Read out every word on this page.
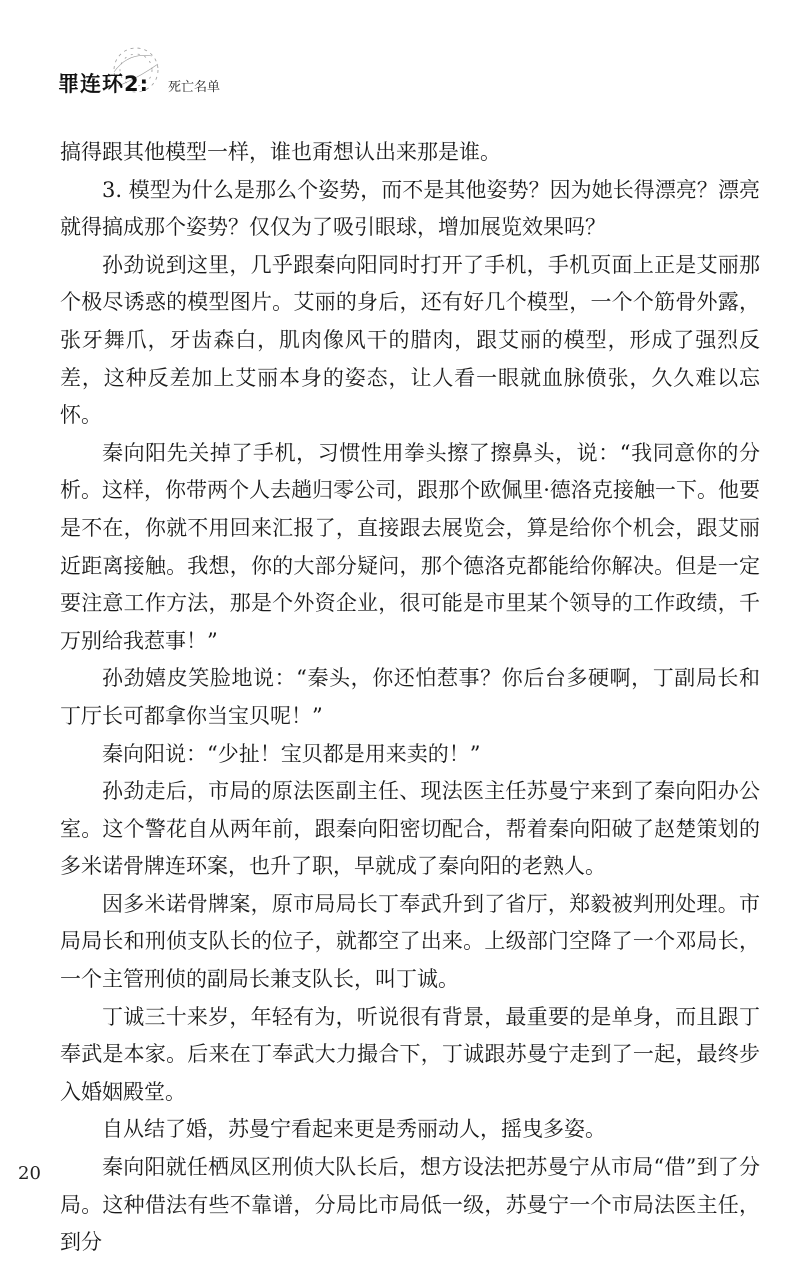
罪连环2: 死亡名单

搞得跟其他模型一样，谁也甭想认出来那是谁。

3. 模型为什么是那么个姿势，而不是其他姿势？因为她长得漂亮？漂亮就得搞成那个姿势？仅仅为了吸引眼球，增加展览效果吗？

孙劲说到这里，几乎跟秦向阳同时打开了手机，手机页面上正是艾丽那个极尽诱惑的模型图片。艾丽的身后，还有好几个模型，一个个筋骨外露，张牙舞爪，牙齿森白，肌肉像风干的腊肉，跟艾丽的模型，形成了强烈反差，这种反差加上艾丽本身的姿态，让人看一眼就血脉偾张，久久难以忘怀。

秦向阳先关掉了手机，习惯性用拳头擦了擦鼻头，说：“我同意你的分析。这样，你带两个人去趟归零公司，跟那个欧佩里·德洛克接触一下。他要是不在，你就不用回来汇报了，直接跟去展览会，算是给你个机会，跟艾丽近距离接触。我想，你的大部分疑问，那个德洛克都能给你解决。但是一定要注意工作方法，那是个外资企业，很可能是市里某个领导的工作政绩，千万别给我惹事！”

孙劲嬉皮笑脸地说：“秦头，你还怕惹事？你后台多硬啊，丁副局长和丁厅长可都拿你当宝贝呢！”

秦向阳说：“少扯！宝贝都是用来卖的！”

孙劲走后，市局的原法医副主任、现法医主任苏曼宁来到了秦向阳办公室。这个警花自从两年前，跟秦向阳密切配合，帮着秦向阳破了赵楚策划的多米诺骨牌连环案，也升了职，早就成了秦向阳的老熟人。

因多米诺骨牌案，原市局局长丁奉武升到了省厅，郑毅被判刑处理。市局局长和刑侦支队长的位子，就都空了出来。上级部门空降了一个邓局长，一个主管刑侦的副局长兼支队长，叫丁诚。

丁诚三十来岁，年轻有为，听说很有背景，最重要的是单身，而且跟丁奉武是本家。后来在丁奉武大力撮合下，丁诚跟苏曼宁走到了一起，最终步入婚姻殿堂。

自从结了婚，苏曼宁看起来更是秀丽动人，摇曳多姿。

秦向阳就任栖凤区刑侦大队长后，想方设法把苏曼宁从市局“借”到了分局。这种借法有些不靠谱，分局比市局低一级，苏曼宁一个市局法医主任，到分

20
